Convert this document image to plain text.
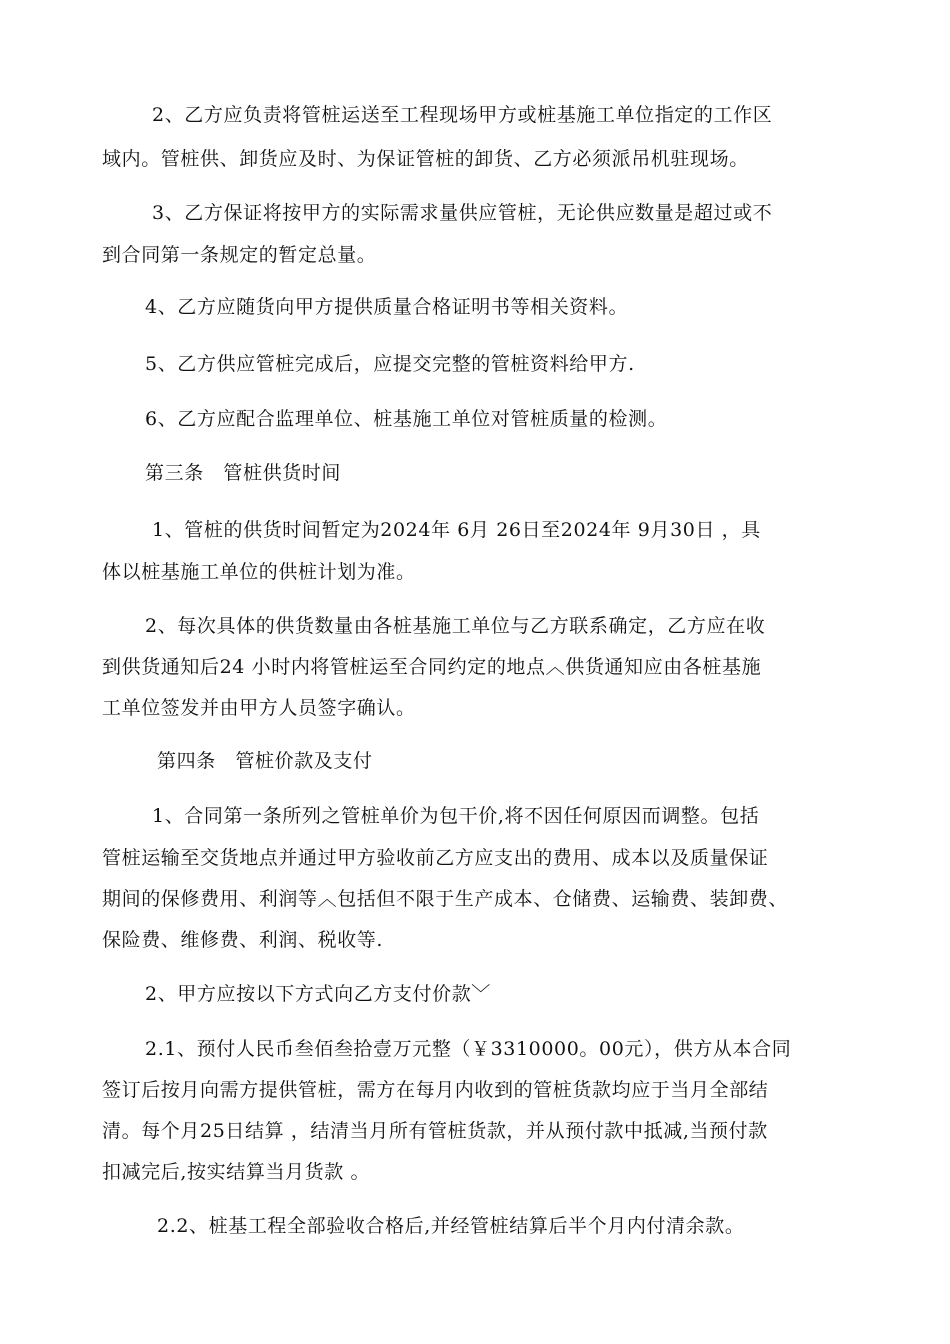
2、乙方应负责将管桩运送至工程现场甲方或桩基施工单位指定的工作区
域内。管桩供、卸货应及时、为保证管桩的卸货、乙方必须派吊机驻现场。
3、乙方保证将按甲方的实际需求量供应管桩，无论供应数量是超过或不
到合同第一条规定的暂定总量。
4、乙方应随货向甲方提供质量合格证明书等相关资料。
5、乙方供应管桩完成后，应提交完整的管桩资料给甲方.
6、乙方应配合监理单位、桩基施工单位对管桩质量的检测。
第三条　管桩供货时间
1、管桩的供货时间暂定为2024年 6月 26日至2024年 9月30日 ，具
体以桩基施工单位的供桩计划为准。
2、每次具体的供货数量由各桩基施工单位与乙方联系确定，乙方应在收
到供货通知后24 小时内将管桩运至合同约定的地点︿供货通知应由各桩基施
工单位签发并由甲方人员签字确认。
第四条　管桩价款及支付
1、合同第一条所列之管桩单价为包干价,将不因任何原因而调整。包括
管桩运输至交货地点并通过甲方验收前乙方应支出的费用、成本以及质量保证
期间的保修费用、利润等︿包括但不限于生产成本、仓储费、运输费、装卸费、
保险费、维修费、利润、税收等.
2、甲方应按以下方式向乙方支付价款﹀
2.1、预付人民币叁佰叁拾壹万元整（￥3310000。00元），供方从本合同
签订后按月向需方提供管桩，需方在每月内收到的管桩货款均应于当月全部结
清。每个月25日结算 ，结清当月所有管桩货款，并从预付款中抵减,当预付款
扣减完后,按实结算当月货款 。
2.2、桩基工程全部验收合格后,并经管桩结算后半个月内付清余款。
